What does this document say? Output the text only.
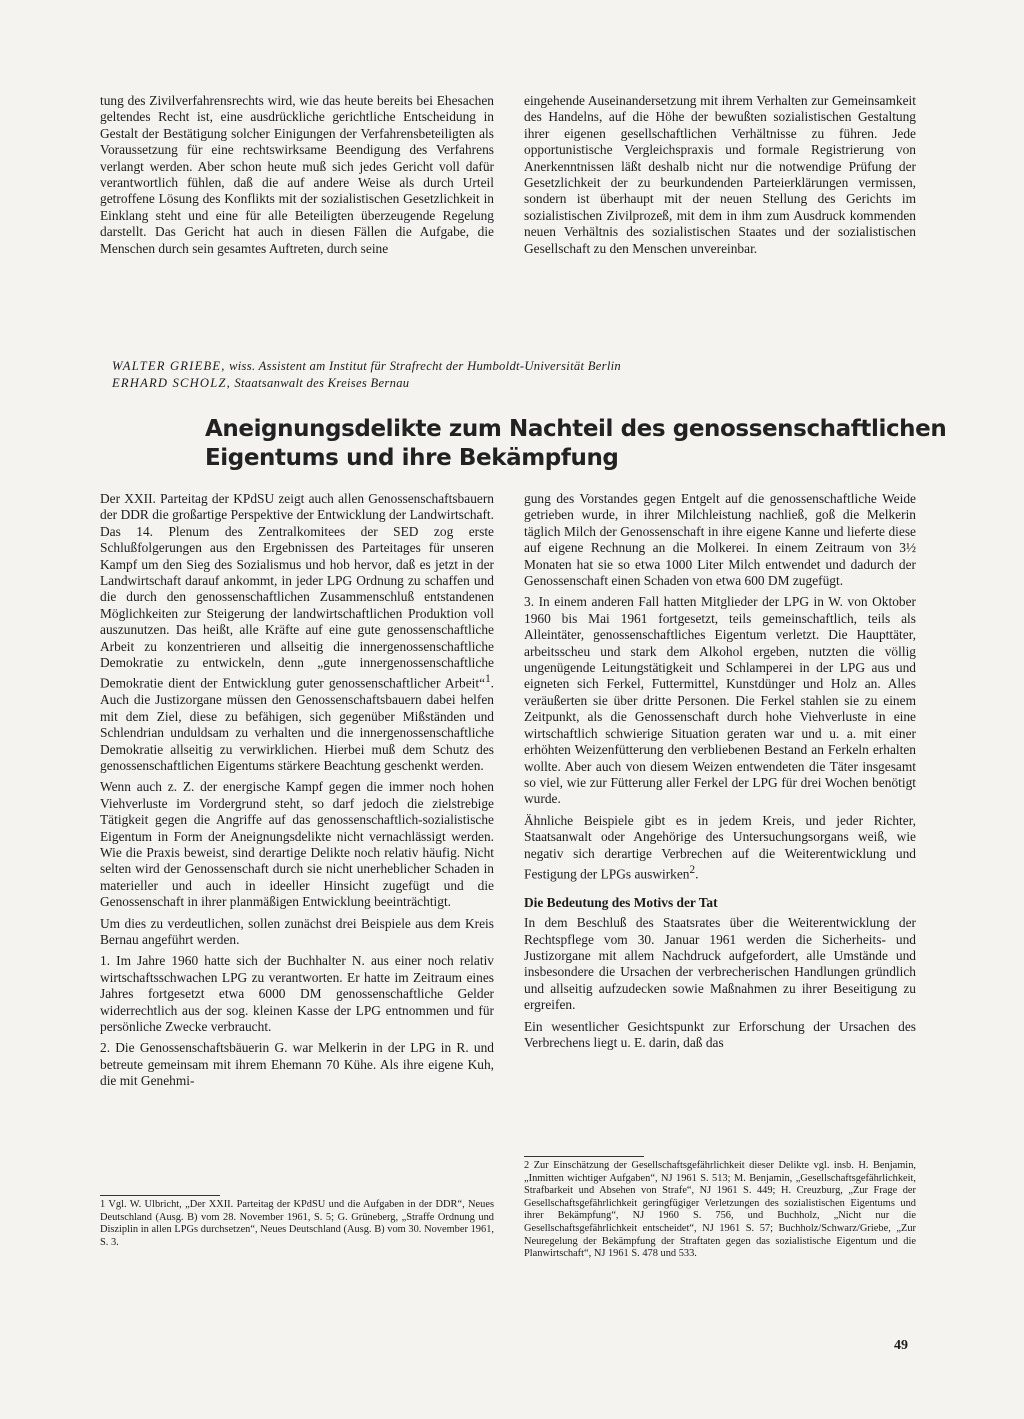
tung des Zivilverfahrensrechts wird, wie das heute bereits bei Ehesachen geltendes Recht ist, eine ausdrückliche gerichtliche Entscheidung in Gestalt der Bestätigung solcher Einigungen der Verfahrensbeteiligten als Voraussetzung für eine rechtswirksame Beendigung des Verfahrens verlangt werden. Aber schon heute muß sich jedes Gericht voll dafür verantwortlich fühlen, daß die auf andere Weise als durch Urteil getroffene Lösung des Konflikts mit der sozialistischen Gesetzlichkeit in Einklang steht und eine für alle Beteiligten überzeugende Regelung darstellt. Das Gericht hat auch in diesen Fällen die Aufgabe, die Menschen durch sein gesamtes Auftreten, durch seine

eingehende Auseinandersetzung mit ihrem Verhalten zur Gemeinsamkeit des Handelns, auf die Höhe der bewußten sozialistischen Gestaltung ihrer eigenen gesellschaftlichen Verhältnisse zu führen. Jede opportunistische Vergleichspraxis und formale Registrierung von Anerkenntnissen läßt deshalb nicht nur die notwendige Prüfung der Gesetzlichkeit der zu beurkundenden Parteierklärungen vermissen, sondern ist überhaupt mit der neuen Stellung des Gerichts im sozialistischen Zivilprozeß, mit dem in ihm zum Ausdruck kommenden neuen Verhältnis des sozialistischen Staates und der sozialistischen Gesellschaft zu den Menschen unvereinbar.

WALTER GRIEBE, wiss. Assistent am Institut für Strafrecht der Humboldt-Universität Berlin
ERHARD SCHOLZ, Staatsanwalt des Kreises Bernau
Aneignungsdelikte zum Nachteil des genossenschaftlichen
Eigentums und ihre Bekämpfung

Der XXII. Parteitag der KPdSU zeigt auch allen Genossenschaftsbauern der DDR die großartige Perspektive der Entwicklung der Landwirtschaft. Das 14. Plenum des Zentralkomitees der SED zog erste Schlußfolgerungen aus den Ergebnissen des Parteitages für unseren Kampf um den Sieg des Sozialismus und hob hervor, daß es jetzt in der Landwirtschaft darauf ankommt, in jeder LPG Ordnung zu schaffen und die durch den genossenschaftlichen Zusammenschluß entstandenen Möglichkeiten zur Steigerung der landwirtschaftlichen Produktion voll auszunutzen. Das heißt, alle Kräfte auf eine gute genossenschaftliche Arbeit zu konzentrieren und allseitig die innergenossenschaftliche Demokratie zu entwickeln, denn „gute innergenossenschaftliche Demokratie dient der Entwicklung guter genossenschaftlicher Arbeit“$^1$. Auch die Justizorgane müssen den Genossenschaftsbauern dabei helfen mit dem Ziel, diese zu befähigen, sich gegenüber Mißständen und Schlendrian unduldsam zu verhalten und die innergenossenschaftliche Demokratie allseitig zu verwirklichen. Hierbei muß dem Schutz des genossenschaftlichen Eigentums stärkere Beachtung geschenkt werden.

Wenn auch z. Z. der energische Kampf gegen die immer noch hohen Viehverluste im Vordergrund steht, so darf jedoch die zielstrebige Tätigkeit gegen die Angriffe auf das genossenschaftlich-sozialistische Eigentum in Form der Aneignungsdelikte nicht vernachlässigt werden. Wie die Praxis beweist, sind derartige Delikte noch relativ häufig. Nicht selten wird der Genossenschaft durch sie nicht unerheblicher Schaden in materieller und auch in ideeller Hinsicht zugefügt und die Genossenschaft in ihrer planmäßigen Entwicklung beeinträchtigt.

Um dies zu verdeutlichen, sollen zunächst drei Beispiele aus dem Kreis Bernau angeführt werden.

1. Im Jahre 1960 hatte sich der Buchhalter N. aus einer noch relativ wirtschaftsschwachen LPG zu verantworten. Er hatte im Zeitraum eines Jahres fortgesetzt etwa 6000 DM genossenschaftliche Gelder widerrechtlich aus der sog. kleinen Kasse der LPG entnommen und für persönliche Zwecke verbraucht.

2. Die Genossenschaftsbäuerin G. war Melkerin in der LPG in R. und betreute gemeinsam mit ihrem Ehemann 70 Kühe. Als ihre eigene Kuh, die mit Genehmi-

gung des Vorstandes gegen Entgelt auf die genossenschaftliche Weide getrieben wurde, in ihrer Milchleistung nachließ, goß die Melkerin täglich Milch der Genossenschaft in ihre eigene Kanne und lieferte diese auf eigene Rechnung an die Molkerei. In einem Zeitraum von 3½ Monaten hat sie so etwa 1000 Liter Milch entwendet und dadurch der Genossenschaft einen Schaden von etwa 600 DM zugefügt.

3. In einem anderen Fall hatten Mitglieder der LPG in W. von Oktober 1960 bis Mai 1961 fortgesetzt, teils gemeinschaftlich, teils als Alleintäter, genossenschaftliches Eigentum verletzt. Die Haupttäter, arbeitsscheu und stark dem Alkohol ergeben, nutzten die völlig ungenügende Leitungstätigkeit und Schlamperei in der LPG aus und eigneten sich Ferkel, Futtermittel, Kunstdünger und Holz an. Alles veräußerten sie über dritte Personen. Die Ferkel stahlen sie zu einem Zeitpunkt, als die Genossenschaft durch hohe Viehverluste in eine wirtschaftlich schwierige Situation geraten war und u. a. mit einer erhöhten Weizenfütterung den verbliebenen Bestand an Ferkeln erhalten wollte. Aber auch von diesem Weizen entwendeten die Täter insgesamt so viel, wie zur Fütterung aller Ferkel der LPG für drei Wochen benötigt wurde.

Ähnliche Beispiele gibt es in jedem Kreis, und jeder Richter, Staatsanwalt oder Angehörige des Untersuchungsorgans weiß, wie negativ sich derartige Verbrechen auf die Weiterentwicklung und Festigung der LPGs auswirken$^2$.

Die Bedeutung des Motivs der Tat

In dem Beschluß des Staatsrates über die Weiterentwicklung der Rechtspflege vom 30. Januar 1961 werden die Sicherheits- und Justizorgane mit allem Nachdruck aufgefordert, alle Umstände und insbesondere die Ursachen der verbrecherischen Handlungen gründlich und allseitig aufzudecken sowie Maßnahmen zu ihrer Beseitigung zu ergreifen.

Ein wesentlicher Gesichtspunkt zur Erforschung der Ursachen des Verbrechens liegt u. E. darin, daß das

1 Vgl. W. Ulbricht, „Der XXII. Parteitag der KPdSU und die Aufgaben in der DDR“, Neues Deutschland (Ausg. B) vom 28. November 1961, S. 5; G. Grüneberg, „Straffe Ordnung und Disziplin in allen LPGs durchsetzen“, Neues Deutschland (Ausg. B) vom 30. November 1961, S. 3.
2 Zur Einschätzung der Gesellschaftsgefährlichkeit dieser Delikte vgl. insb. H. Benjamin, „Inmitten wichtiger Aufgaben“, NJ 1961 S. 513; M. Benjamin, „Gesellschaftsgefährlichkeit, Strafbarkeit und Absehen von Strafe“, NJ 1961 S. 449; H. Creuzburg, „Zur Frage der Gesellschaftsgefährlichkeit geringfügiger Verletzungen des sozialistischen Eigentums und ihrer Bekämpfung“, NJ 1960 S. 756, und Buchholz, „Nicht nur die Gesellschaftsgefährlichkeit entscheidet“, NJ 1961 S. 57; Buchholz/Schwarz/Griebe, „Zur Neuregelung der Bekämpfung der Straftaten gegen das sozialistische Eigentum und die Planwirtschaft“, NJ 1961 S. 478 und 533.
49
